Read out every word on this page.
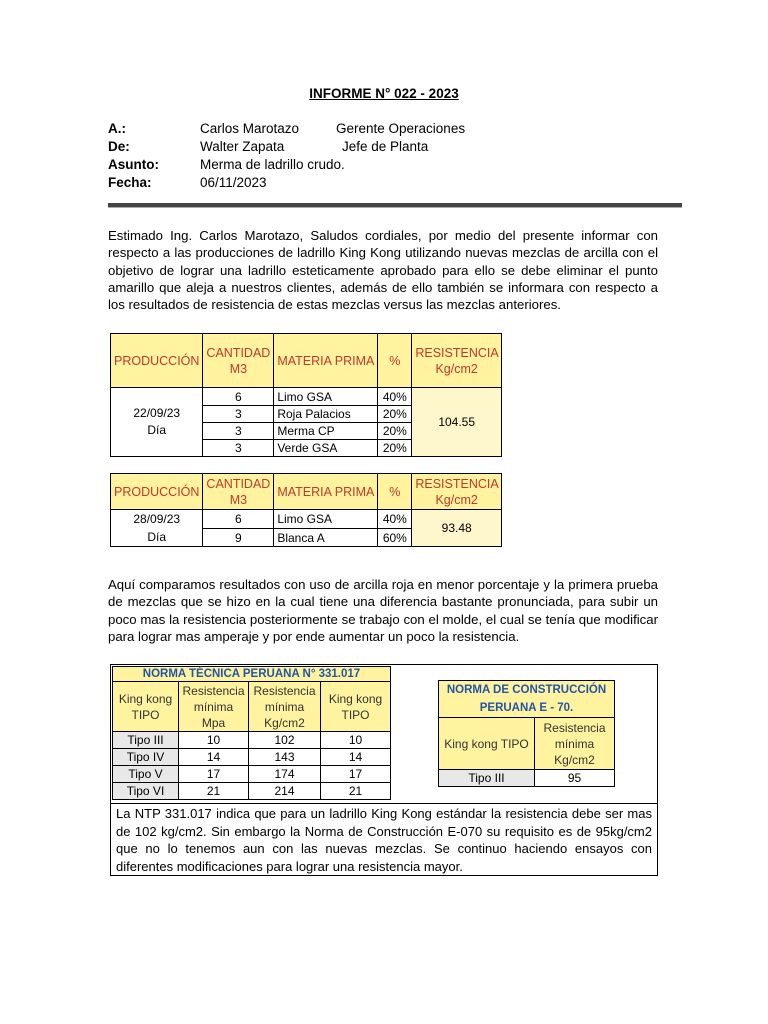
INFORME N° 022 - 2023
A.:	Carlos Marotazo	Gerente Operaciones
De:	Walter Zapata	Jefe de Planta
Asunto:	Merma de ladrillo crudo.
Fecha:	06/11/2023
Estimado Ing. Carlos Marotazo, Saludos cordiales, por medio del presente informar con respecto a las producciones de ladrillo King Kong utilizando nuevas mezclas de arcilla con el objetivo de lograr una ladrillo esteticamente aprobado para ello se debe eliminar el punto amarillo que aleja a nuestros clientes, además de ello también se informara con respecto a los resultados de resistencia de estas mezclas versus las mezclas anteriores.
PRODUCCIÓN	CANTIDAD M3	MATERIA PRIMA	%	RESISTENCIA Kg/cm2

22/09/23
Día	6	Limo GSA	40%	104.55
	3	Roja Palacios	20%	
	3	Merma CP	20%	
	3	Verde GSA	20%	

PRODUCCIÓN	CANTIDAD M3	MATERIA PRIMA	%	RESISTENCIA Kg/cm2

28/09/23
Día	6	Limo GSA	40%	93.48
	9	Blanca A	60%	
Aquí comparamos resultados con uso de arcilla roja en menor porcentaje y la primera prueba de mezclas que se hizo en la cual tiene una diferencia bastante pronunciada, para subir un poco mas la resistencia posteriormente se trabajo con el molde, el cual se tenía que modificar para lograr mas amperaje y por ende aumentar un poco la resistencia.
NORMA TÉCNICA PERUANA N° 331.017			
King kong TIPO	Resistencia mínima Mpa	Resistencia mínima Kg/cm2	King kong TIPO
Tipo III	10	102	10
Tipo IV	14	143	14
Tipo V	17	174	17
Tipo VI	21	214	21
NORMA DE CONSTRUCCIÓN PERUANA E - 70.	
King kong TIPO	Resistencia mínima Kg/cm2
Tipo III	95
La NTP 331.017 indica que para un ladrillo King Kong estándar la resistencia debe ser mas de 102 kg/cm2. Sin embargo la Norma de Construcción E-070 su requisito es de 95kg/cm2 que no lo tenemos aun con las nuevas mezclas. Se continuo haciendo ensayos con diferentes modificaciones para lograr una resistencia mayor.
